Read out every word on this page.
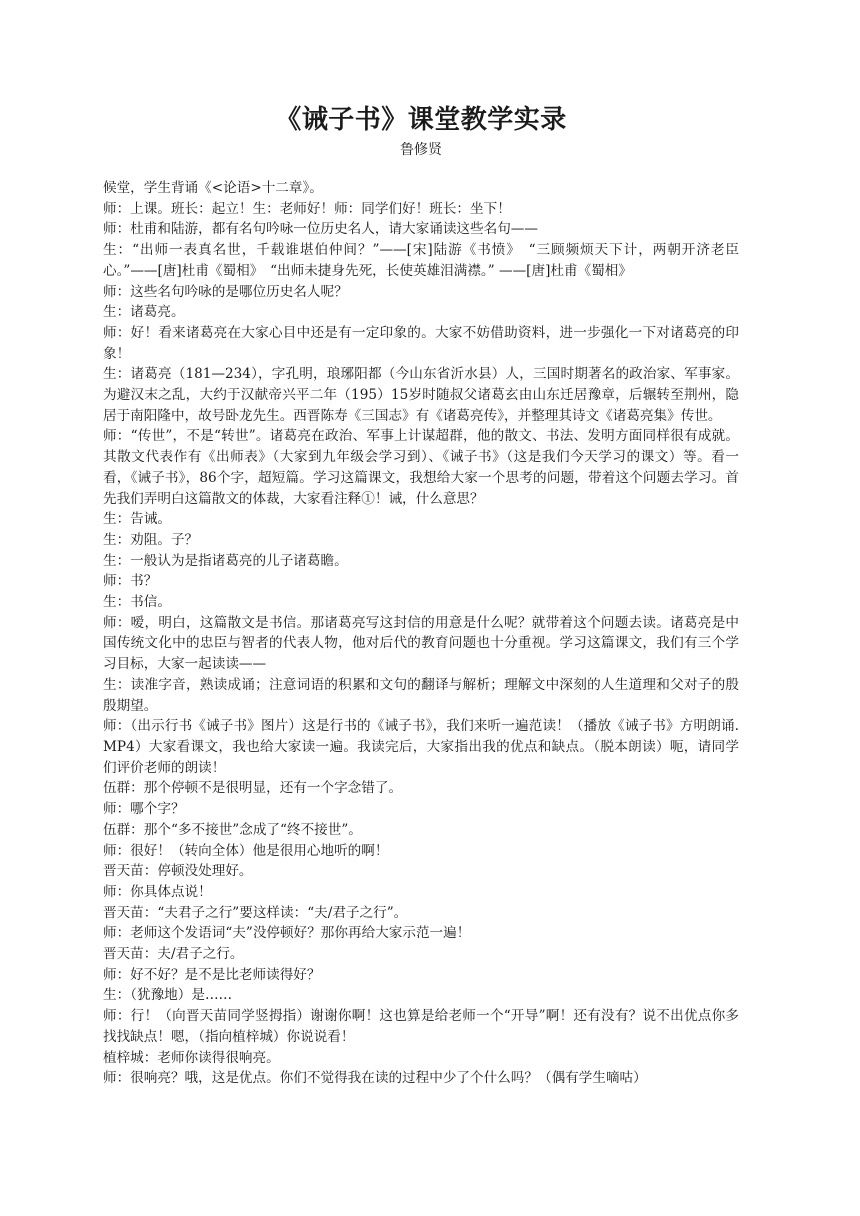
《诫子书》课堂教学实录

鲁修贤

候堂，学生背诵《<论语>十二章》。

师：上课。班长：起立！生：老师好！师：同学们好！班长：坐下！

师：杜甫和陆游，都有名句吟咏一位历史名人，请大家诵读这些名句——

生：“出师一表真名世，千载谁堪伯仲间？”——[宋]陆游《书愤》　“三顾频烦天下计，两朝开济老臣心。”——[唐]杜甫《蜀相》　“出师未捷身先死，长使英雄泪满襟。” ——[唐]杜甫《蜀相》

师：这些名句吟咏的是哪位历史名人呢？

生：诸葛亮。

师：好！看来诸葛亮在大家心目中还是有一定印象的。大家不妨借助资料，进一步强化一下对诸葛亮的印象！

生：诸葛亮（181—234），字孔明，琅琊阳都（今山东省沂水县）人，三国时期著名的政治家、军事家。为避汉末之乱，大约于汉献帝兴平二年（195）15岁时随叔父诸葛玄由山东迁居豫章，后辗转至荆州，隐居于南阳隆中，故号卧龙先生。西晋陈寿《三国志》有《诸葛亮传》，并整理其诗文《诸葛亮集》传世。

师：“传世”，不是“转世”。诸葛亮在政治、军事上计谋超群，他的散文、书法、发明方面同样很有成就。其散文代表作有《出师表》（大家到九年级会学习到）、《诫子书》（这是我们今天学习的课文）等。看一看，《诫子书》，86个字，超短篇。学习这篇课文，我想给大家一个思考的问题，带着这个问题去学习。首先我们弄明白这篇散文的体裁，大家看注释①！诫，什么意思？

生：告诫。

生：劝阻。子？

生：一般认为是指诸葛亮的儿子诸葛瞻。

师：书？

生：书信。

师：嗳，明白，这篇散文是书信。那诸葛亮写这封信的用意是什么呢？就带着这个问题去读。诸葛亮是中国传统文化中的忠臣与智者的代表人物，他对后代的教育问题也十分重视。学习这篇课文，我们有三个学习目标，大家一起读读——

生：读准字音，熟读成诵；注意词语的积累和文句的翻译与解析；理解文中深刻的人生道理和父对子的殷殷期望。

师：（出示行书《诫子书》图片）这是行书的《诫子书》，我们来听一遍范读！（播放《诫子书》方明朗诵.MP4）大家看课文，我也给大家读一遍。我读完后，大家指出我的优点和缺点。（脱本朗读）呃，请同学们评价老师的朗读！

伍群：那个停顿不是很明显，还有一个字念错了。

师：哪个字？

伍群：那个“多不接世”念成了“终不接世”。

师：很好！（转向全体）他是很用心地听的啊！

晋天苗：停顿没处理好。

师：你具体点说！

晋天苗：“夫君子之行”要这样读：“夫/君子之行”。

师：老师这个发语词“夫”没停顿好？那你再给大家示范一遍！

晋天苗：夫/君子之行。

师：好不好？是不是比老师读得好？

生：（犹豫地）是……

师：行！（向晋天苗同学竖拇指）谢谢你啊！这也算是给老师一个“开导”啊！还有没有？说不出优点你多找找缺点！嗯，（指向植梓城）你说说看！

植梓城：老师你读得很响亮。

师：很响亮？哦，这是优点。你们不觉得我在读的过程中少了个什么吗？（偶有学生嘀咕）
